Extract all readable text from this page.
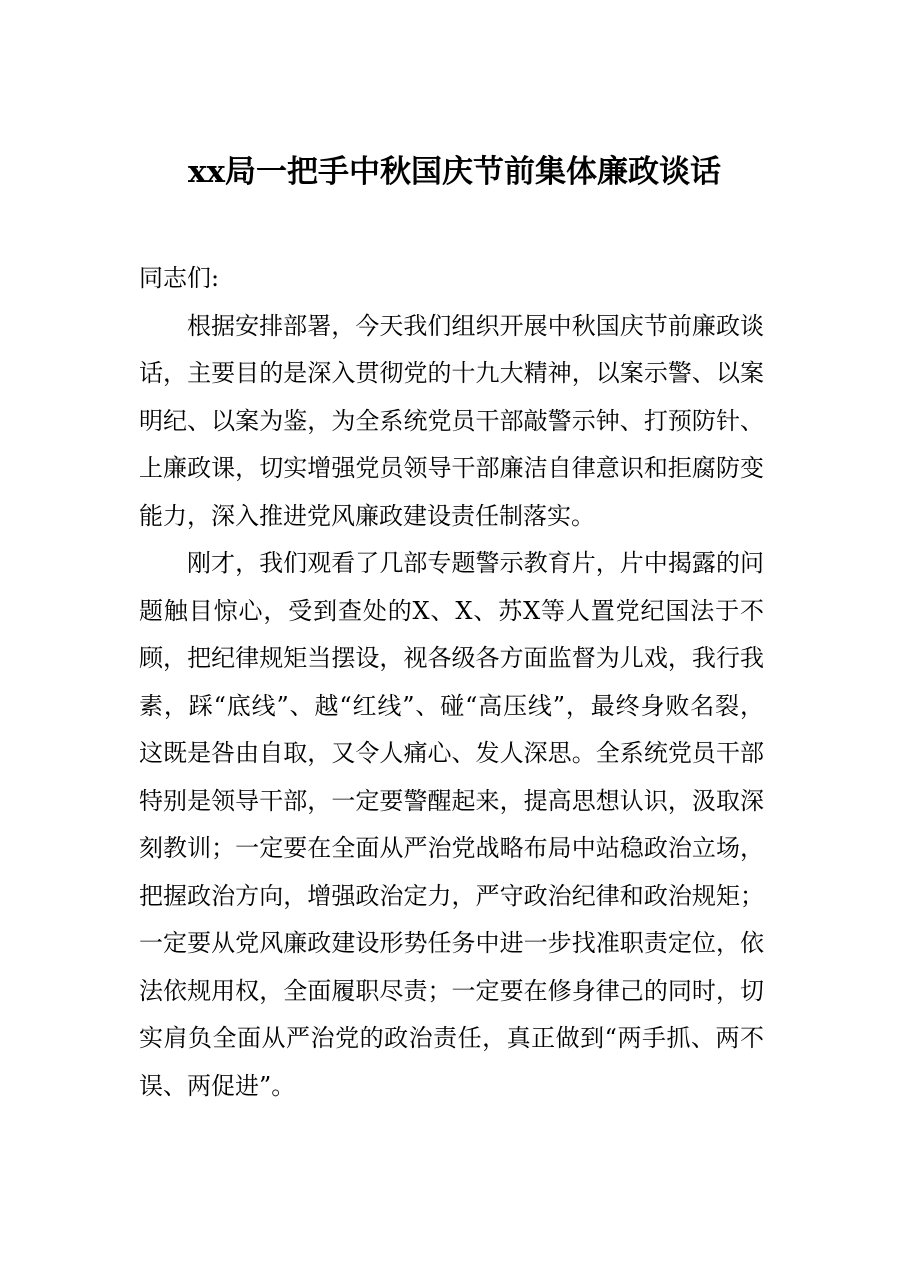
xx局一把手中秋国庆节前集体廉政谈话

同志们:

根据安排部署，今天我们组织开展中秋国庆节前廉政谈话，主要目的是深入贯彻党的十九大精神，以案示警、以案明纪、以案为鉴，为全系统党员干部敲警示钟、打预防针、上廉政课，切实增强党员领导干部廉洁自律意识和拒腐防变能力，深入推进党风廉政建设责任制落实。

刚才，我们观看了几部专题警示教育片，片中揭露的问题触目惊心，受到查处的X、X、苏X等人置党纪国法于不顾，把纪律规矩当摆设，视各级各方面监督为儿戏，我行我素，踩“底线”、越“红线”、碰“高压线”，最终身败名裂，这既是咎由自取，又令人痛心、发人深思。全系统党员干部特别是领导干部，一定要警醒起来，提高思想认识，汲取深刻教训；一定要在全面从严治党战略布局中站稳政治立场，把握政治方向，增强政治定力，严守政治纪律和政治规矩；一定要从党风廉政建设形势任务中进一步找准职责定位，依法依规用权，全面履职尽责；一定要在修身律己的同时，切实肩负全面从严治党的政治责任，真正做到“两手抓、两不误、两促进”。
